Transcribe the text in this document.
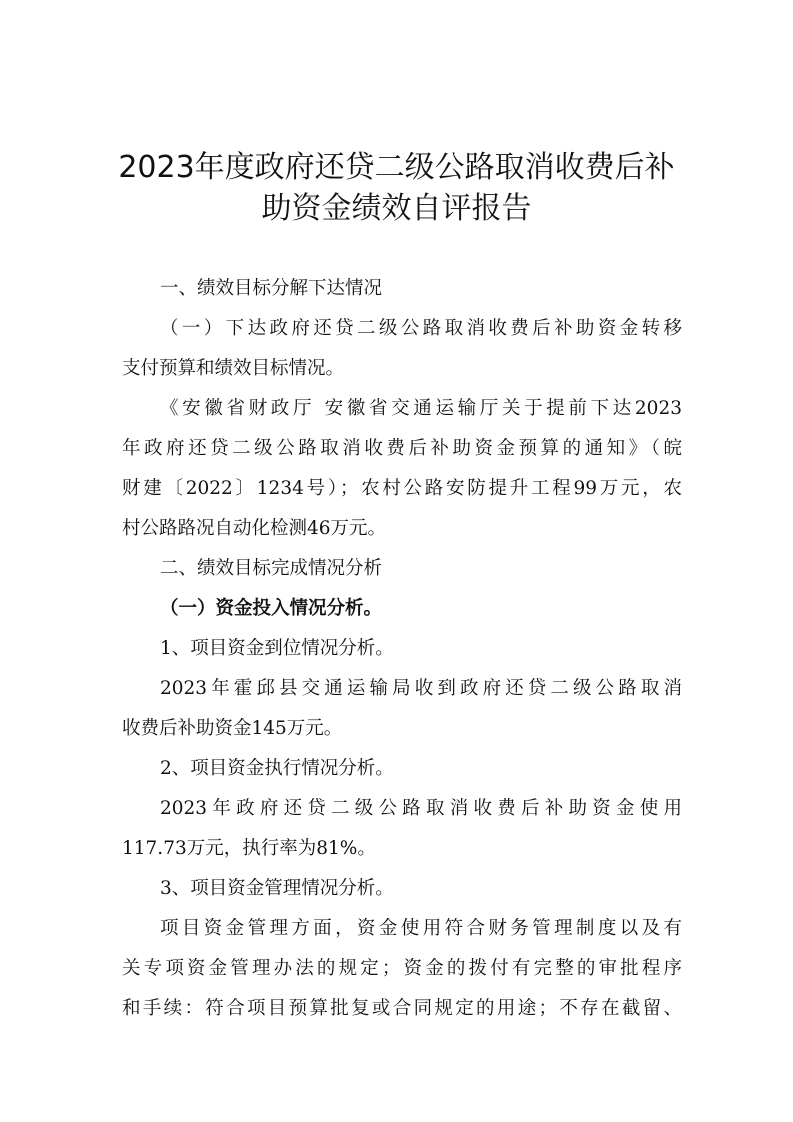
2023年度政府还贷二级公路取消收费后补
助资金绩效自评报告

一、绩效目标分解下达情况

（一）下达政府还贷二级公路取消收费后补助资金转移

支付预算和绩效目标情况。

《安徽省财政厅 安徽省交通运输厅关于提前下达2023

年政府还贷二级公路取消收费后补助资金预算的通知》（皖

财建〔2022〕1234号）；农村公路安防提升工程99万元，农

村公路路况自动化检测46万元。

二、绩效目标完成情况分析

（一）资金投入情况分析。

1、项目资金到位情况分析。

2023年霍邱县交通运输局收到政府还贷二级公路取消

收费后补助资金145万元。

2、项目资金执行情况分析。

2023年政府还贷二级公路取消收费后补助资金使用

117.73万元，执行率为81%。

3、项目资金管理情况分析。

项目资金管理方面，资金使用符合财务管理制度以及有

关专项资金管理办法的规定；资金的拨付有完整的审批程序

和手续：符合项目预算批复或合同规定的用途；不存在截留、
